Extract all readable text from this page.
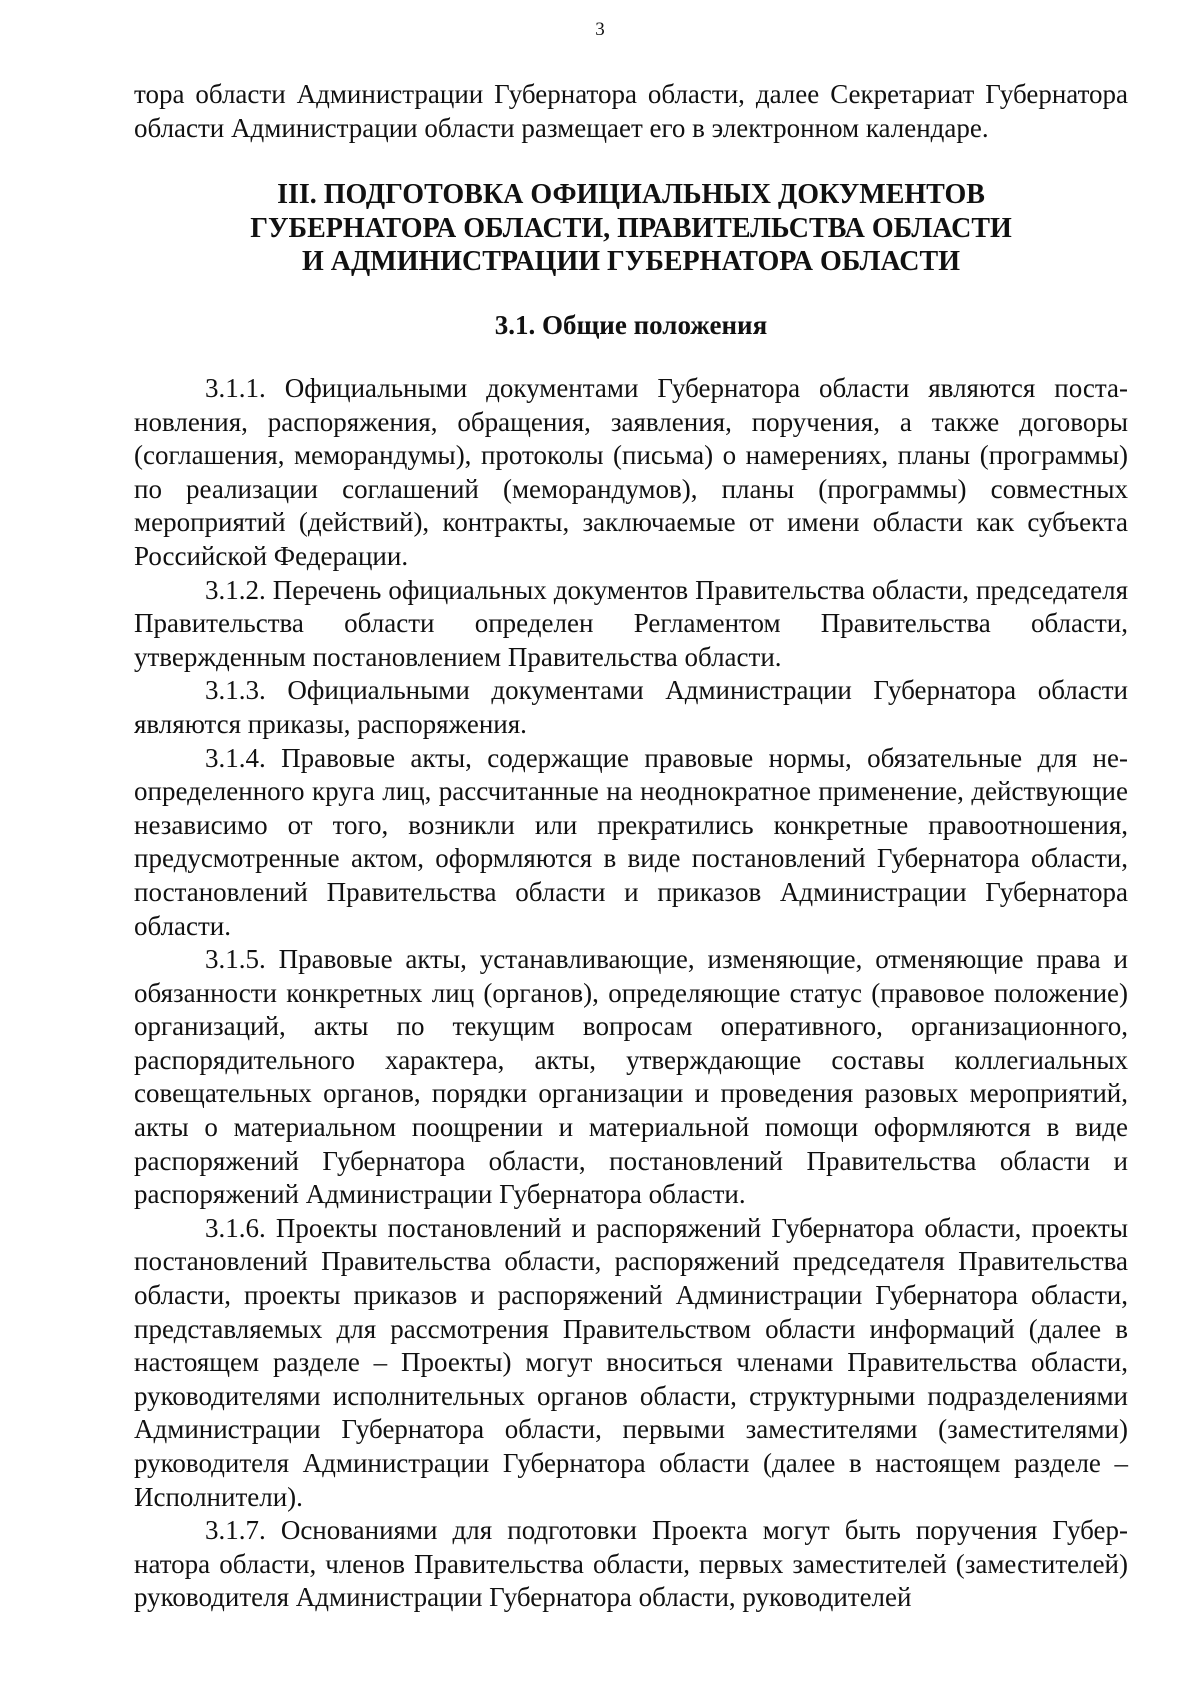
3

тора области Администрации Губернатора области, далее Секретариат Губернатора области Администрации области размещает его в электронном календаре.

III. ПОДГОТОВКА ОФИЦИАЛЬНЫХ ДОКУМЕНТОВ
ГУБЕРНАТОРА ОБЛАСТИ, ПРАВИТЕЛЬСТВА ОБЛАСТИ
И АДМИНИСТРАЦИИ ГУБЕРНАТОРА ОБЛАСТИ
3.1. Общие положения

3.1.1. Официальными документами Губернатора области являются постановления, распоряжения, обращения, заявления, поручения, а также договоры (соглашения, меморандумы), протоколы (письма) о намерениях, планы (программы) по реализации соглашений (меморандумов), планы (программы) совместных мероприятий (действий), контракты, заключаемые от имени области как субъекта Российской Федерации.

3.1.2. Перечень официальных документов Правительства области, председателя Правительства области определен Регламентом Правительства области, утвержденным постановлением Правительства области.

3.1.3. Официальными документами Администрации Губернатора области являются приказы, распоряжения.

3.1.4. Правовые акты, содержащие правовые нормы, обязательные для неопределенного круга лиц, рассчитанные на неоднократное применение, действующие независимо от того, возникли или прекратились конкретные правоотношения, предусмотренные актом, оформляются в виде постановлений Губернатора области, постановлений Правительства области и приказов Администрации Губернатора области.

3.1.5. Правовые акты, устанавливающие, изменяющие, отменяющие права и обязанности конкретных лиц (органов), определяющие статус (правовое положение) организаций, акты по текущим вопросам оперативного, организационного, распорядительного характера, акты, утверждающие составы коллегиальных совещательных органов, порядки организации и проведения разовых мероприятий, акты о материальном поощрении и материальной помощи оформляются в виде распоряжений Губернатора области, постановлений Правительства области и распоряжений Администрации Губернатора области.

3.1.6. Проекты постановлений и распоряжений Губернатора области, проекты постановлений Правительства области, распоряжений председателя Правительства области, проекты приказов и распоряжений Администрации Губернатора области, представляемых для рассмотрения Правительством области информаций (далее в настоящем разделе – Проекты) могут вноситься членами Правительства области, руководителями исполнительных органов области, структурными подразделениями Администрации Губернатора области, первыми заместителями (заместителями) руководителя Администрации Губернатора области (далее в настоящем разделе – Исполнители).

3.1.7. Основаниями для подготовки Проекта могут быть поручения Губернатора области, членов Правительства области, первых заместителей (заместителей) руководителя Администрации Губернатора области, руководителей
